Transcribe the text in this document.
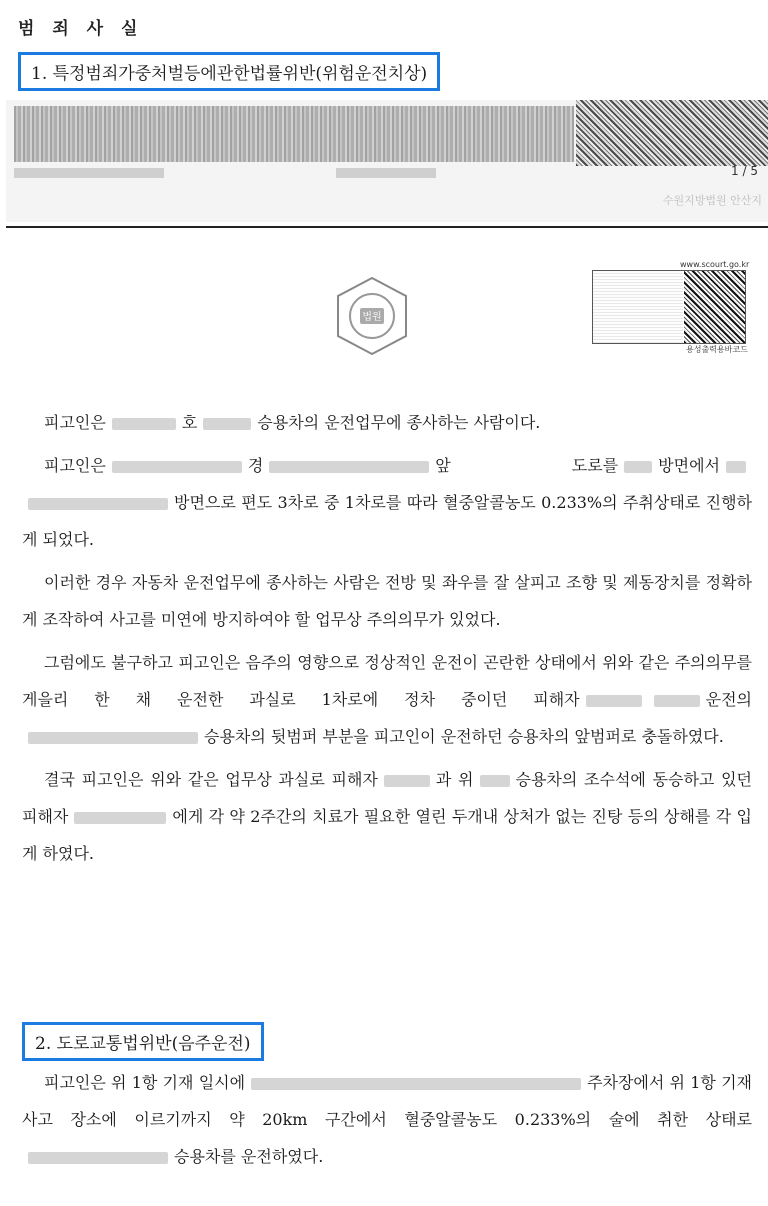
범 죄 사 실
1. 특정범죄가중처벌등에관한법률위반(위험운전치상)
1 / 5
수원지방법원 안산지
법원
www.scourt.go.kr
용성출력용바코드

피고인은	호	승용차의 운전업무에 종사하는 사람이다.

피고인은	경	앞 도로를	방면에서방면으로 편도 3차로 중 1차로를 따라 혈중알콜농도 0.233%의 주취상태로 진행하게 되었다.

이러한 경우 자동차 운전업무에 종사하는 사람은 전방 및 좌우를 잘 살피고 조향 및 제동장치를 정확하게 조작하여 사고를 미연에 방지하여야 할 업무상 주의의무가 있었다.

그럼에도 불구하고 피고인은 음주의 영향으로 정상적인 운전이 곤란한 상태에서 위와 같은 주의의무를 게을리 한 채 운전한 과실로 1차로에 정차 중이던 피해자	운전의승용차의 뒷범퍼 부분을 피고인이 운전하던 승용차의 앞범퍼로 충돌하였다.

결국 피고인은 위와 같은 업무상 과실로 피해자	과 위	승용차의 조수석에 동승하고 있던 피해자	에게 각 약 2주간의 치료가 필요한 열린 두개내 상처가 없는 진탕 등의 상해를 각 입게 하였다.

2. 도로교통법위반(음주운전)

피고인은 위 1항 기재 일시에	주차장에서 위 1항 기재 사고 장소에 이르기까지 약 20km 구간에서 혈중알콜농도 0.233%의 술에 취한 상태로승용차를 운전하였다.
